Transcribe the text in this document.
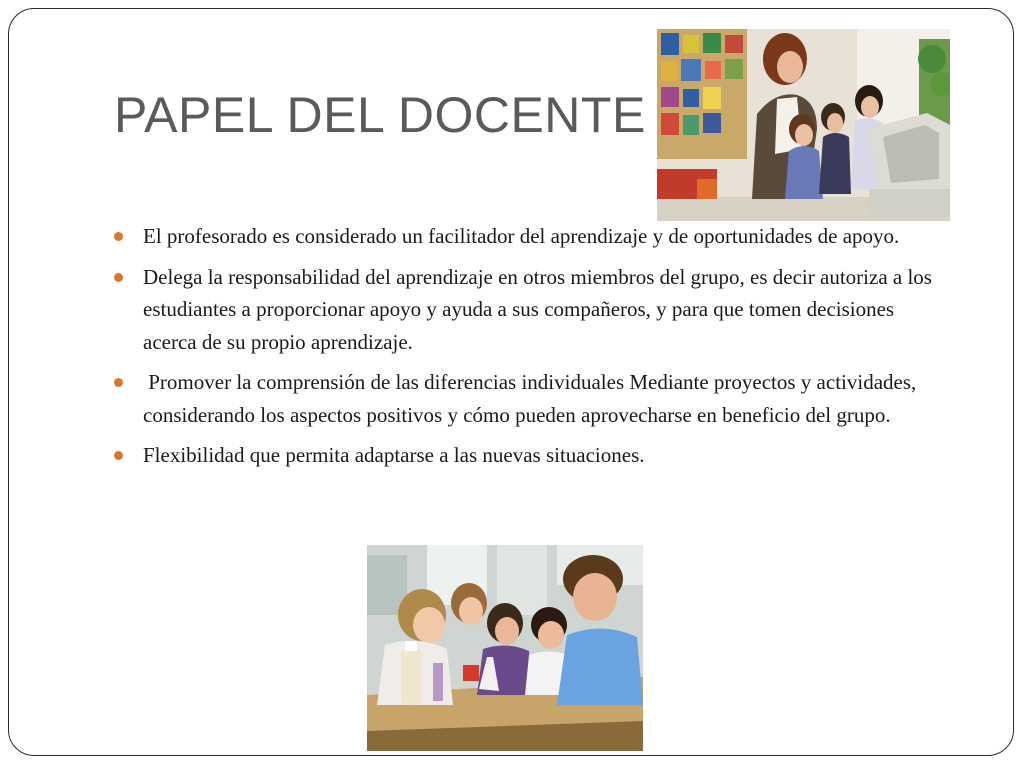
PAPEL DEL DOCENTE
El profesorado es considerado un facilitador del aprendizaje y de oportunidades de apoyo.
Delega la responsabilidad del aprendizaje en otros miembros del grupo, es decir autoriza a los estudiantes a proporcionar apoyo y ayuda a sus compañeros, y para que tomen decisiones acerca de su propio aprendizaje.
Promover la comprensión de las diferencias individuales Mediante proyectos y actividades, considerando los aspectos positivos y cómo pueden aprovecharse en beneficio del grupo.
Flexibilidad que permita adaptarse a las nuevas situaciones.
